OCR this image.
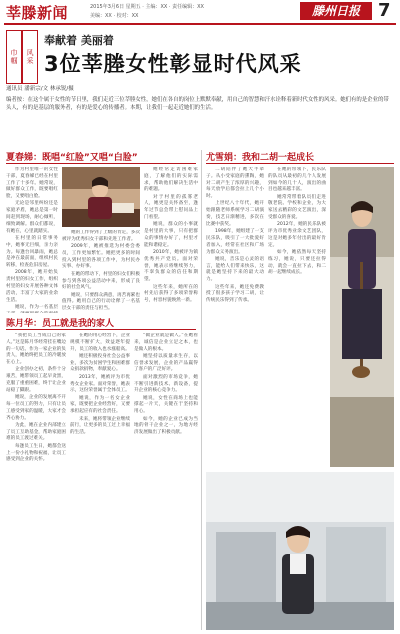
莘滕新闻	2015年3月6日 星期五 · 主编：XX · 责任编辑：XX
美编：XX · 校对：XX	滕州日报	7
巾帼	风采
奉献着 美丽着
3位莘塍女性彰显时代风采
通讯员 潘新宗/文 林承锐/摄
编者按：在这个属于女性的节日里，我们走近三位莘塍女性，她们在各自的岗位上默默奉献，用自己的智慧和汗水诠释着新时代女性的风采。她们有的是企业的带头人，有的是基层的服务者，有的是爱心的传播者。本期，让我们一起走近她们的生活。
夏春娣：既唱“红脸”又唱“白脸”

作为村里唯一的女性干部，夏春娣已经在村里工作了十多年。她常说，做好群众工作，既要唱红脸，又要唱白脸。

无论是邻里纠纷还是家庭矛盾，她总是第一时间赶到现场，耐心倾听，细致调解。群众们都说，有她在，心里就踏实。

在村里的日常事务中，她事无巨细，亲力亲为。每逢台风暴雨，她总是冲在最前面，组织村民转移，检查危旧房屋。

2008年，她开始负责村里的妇女工作，组织村里的妇女开展各种文体活动，丰富了大家的业余生活。

她说，作为一名基层

她的工作得到了上级的肯定，多次被评为优秀妇女干部和先进工作者。

2009年，她被推选为村委会委员，工作更加繁忙。她把更多的时间投入到村里的各项工作中，为村民办实事、办好事。

在她的带动下，村里的妇女们积极参与到各项公益活动中来，形成了良好的社会风气。

她说，只要群众满意，再苦再累也值得。她用自己的行动诠释了一名基层女干部的责任与担当。

她经常走访困难家庭，了解他们的实际需求，帮助他们解决生活中的难题。

对于村里的孤寡老人，她更是关怀备至，逢年过节总会带上慰问品上门看望。

她说，群众的小事就是村里的大事，只有把群众的事情办好了，村里才能和谐稳定。

2010年，她被评为镇优秀共产党员。面对荣誉，她表示将继续努力，不辜负群众的信任和期望。

这些年来，她所在的村先后获得了多项荣誉称号，村容村貌焕然一新。

尤雪娟：我和二胡一起成长

二胡陪伴了她大半辈子。从小受家庭的熏陶，她对二胡产生了浓厚的兴趣，每天放学后都会拉上几个小时。

上世纪八十年代，她开始跟随老师系统学习二胡演奏，技艺日渐精进，多次在比赛中获奖。

1998年，她组建了一支民乐队，吸引了一大批爱好者加入，经常在社区和广场为群众义务演出。

她说，音乐是心灵的语言，能给人们带来快乐，这就是她坚持下来的最大动力。

这些年来，她还免费教授了很多孩子学习二胡，让传统民乐得到了传承。

在她的带领下，民乐队的队员从最初的几个人发展到如今的几十人，演出的曲目也越来越丰富。

她常常带着队员们走进敬老院、学校和企业，为大家送去精彩的文艺演出，深受群众的喜爱。

2012年，她的民乐队被评为市优秀业余文艺团队，这是对她多年付出的最好肯定。

如今，她依然每天坚持练习，她说，只要还拉得动，就会一直拉下去，和二胡一起继续成长。

陈月华：员工就是我的家人

“我把员工当成自己的家人。”这是陈月华经常挂在嘴边的一句话。作为一家企业的负责人，她始终把员工的冷暖放在心上。

企业创办之初，条件十分艰苦，她带领员工起早贪黑，克服了重重困难，终于让企业站稳了脚跟。

她说，企业的发展离不开每一位员工的努力，只有让员工感受到家的温暖，大家才会齐心协力。

为此，她在企业内部建立了员工互助基金，帮助家庭困难的员工渡过难关。

每逢员工生日，她都会送上一份小礼物和祝福，让员工感受到企业的关怀。

在她的用心经营下，企业规模不断扩大，效益逐年提升，员工的收入也水涨船高。

她还积极投身社会公益事业，多次为贫困学生和困难群众捐款捐物，奉献爱心。

2013年，她被评为市优秀女企业家。面对荣誉，她表示，这份荣誉属于全体员工。

她说，作为一名女企业家，既要把企业经营好，又要承担起应有的社会责任。

未来，她将带领企业继续前行，让更多的员工过上幸福的生活。

“做企业就是做人。”在她看来，诚信是企业立足之本，也是做人的根本。

她坚持以质量求生存，以信誉求发展，企业的产品赢得了客户的广泛好评。

面对激烈的市场竞争，她不断引进新技术、新设备，提升企业的核心竞争力。

她说，女性在商场上也能撑起一片天，关键在于坚持和用心。

如今，她的企业已成为当地的骨干企业之一，为地方经济发展做出了积极贡献。
